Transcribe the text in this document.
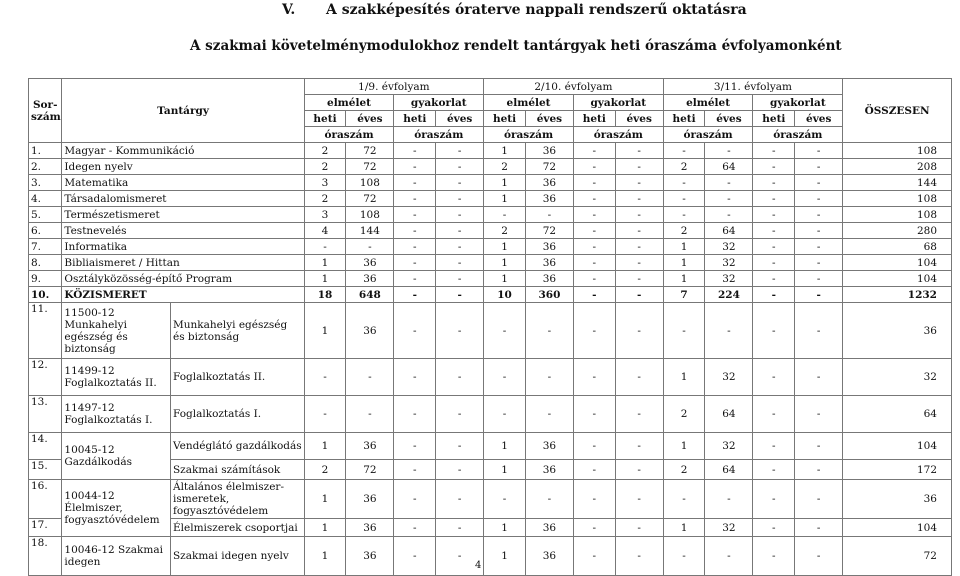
V. A szakképesítés óraterve nappali rendszerű oktatásra
A szakmai követelménymodulokhoz rendelt tantárgyak heti óraszáma évfolyamonként
Sor-szám	Tantárgy		1/9. évfolyam				2/10. évfolyam				3/11. évfolyam				ÖSSZESEN
			elmélet		gyakorlat		elmélet		gyakorlat		elmélet		gyakorlat		
			heti	éves	heti	éves	heti	éves	heti	éves	heti	éves	heti	éves	
			óraszám		óraszám		óraszám		óraszám		óraszám		óraszám		
1.	Magyar - Kommunikáció		2	72	-	-	1	36	-	-	-	-	-	-	108
2.	Idegen nyelv		2	72	-	-	2	72	-	-	2	64	-	-	208
3.	Matematika		3	108	-	-	1	36	-	-	-	-	-	-	144
4.	Társadalomismeret		2	72	-	-	1	36	-	-	-	-	-	-	108
5.	Természetismeret		3	108	-	-	-	-	-	-	-	-	-	-	108
6.	Testnevelés		4	144	-	-	2	72	-	-	2	64	-	-	280
7.	Informatika		-	-	-	-	1	36	-	-	1	32	-	-	68
8.	Bibliaismeret / Hittan		1	36	-	-	1	36	-	-	1	32	-	-	104
9.	Osztályközösség-építő Program		1	36	-	-	1	36	-	-	1	32	-	-	104
10.	KÖZISMERET		18	648	-	-	10	360	-	-	7	224	-	-	1232
11.	11500-12 Munkahelyi egészség és biztonság	Munkahelyi egészség és biztonság	1	36	-	-	-	-	-	-	-	-	-	-	36
12.	11499-12 Foglalkoztatás II.	Foglalkoztatás II.	-	-	-	-	-	-	-	-	1	32	-	-	32
13.	11497-12 Foglalkoztatás I.	Foglalkoztatás I.	-	-	-	-	-	-	-	-	2	64	-	-	64
14.	10045-12 Gazdálkodás	Vendéglátó gazdálkodás	1	36	-	-	1	36	-	-	1	32	-	-	104
15.		Szakmai számítások	2	72	-	-	1	36	-	-	2	64	-	-	172
16.	10044-12 Élelmiszer, fogyasztóvédelem	Általános élelmiszer-ismeretek, fogyasztóvédelem	1	36	-	-	-	-	-	-	-	-	-	-	36
17.		Élelmiszerek csoportjai	1	36	-	-	1	36	-	-	1	32	-	-	104
18.	10046-12 Szakmai idegen	Szakmai idegen nyelv	1	36	-	-	1	36	-	-	-	-	-	-	72
4
